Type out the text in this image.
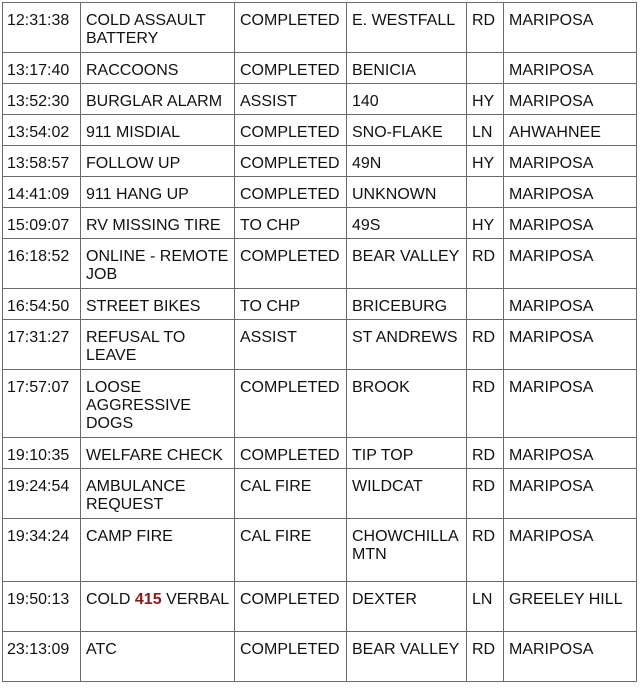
12:31:38	COLD ASSAULT BATTERY	COMPLETED	E. WESTFALL	RD	MARIPOSA
13:17:40	RACCOONS	COMPLETED	BENICIA		MARIPOSA
13:52:30	BURGLAR ALARM	ASSIST	140	HY	MARIPOSA
13:54:02	911 MISDIAL	COMPLETED	SNO-FLAKE	LN	AHWAHNEE
13:58:57	FOLLOW UP	COMPLETED	49N	HY	MARIPOSA
14:41:09	911 HANG UP	COMPLETED	UNKNOWN		MARIPOSA
15:09:07	RV MISSING TIRE	TO CHP	49S	HY	MARIPOSA
16:18:52	ONLINE - REMOTE JOB	COMPLETED	BEAR VALLEY	RD	MARIPOSA
16:54:50	STREET BIKES	TO CHP	BRICEBURG		MARIPOSA
17:31:27	REFUSAL TO LEAVE	ASSIST	ST ANDREWS	RD	MARIPOSA
17:57:07	LOOSE AGGRESSIVE DOGS	COMPLETED	BROOK	RD	MARIPOSA
19:10:35	WELFARE CHECK	COMPLETED	TIP TOP	RD	MARIPOSA
19:24:54	AMBULANCE REQUEST	CAL FIRE	WILDCAT	RD	MARIPOSA
19:34:24	CAMP FIRE	CAL FIRE	CHOWCHILLA MTN	RD	MARIPOSA
19:50:13	COLD 415 VERBAL	COMPLETED	DEXTER	LN	GREELEY HILL
23:13:09	ATC	COMPLETED	BEAR VALLEY	RD	MARIPOSA
